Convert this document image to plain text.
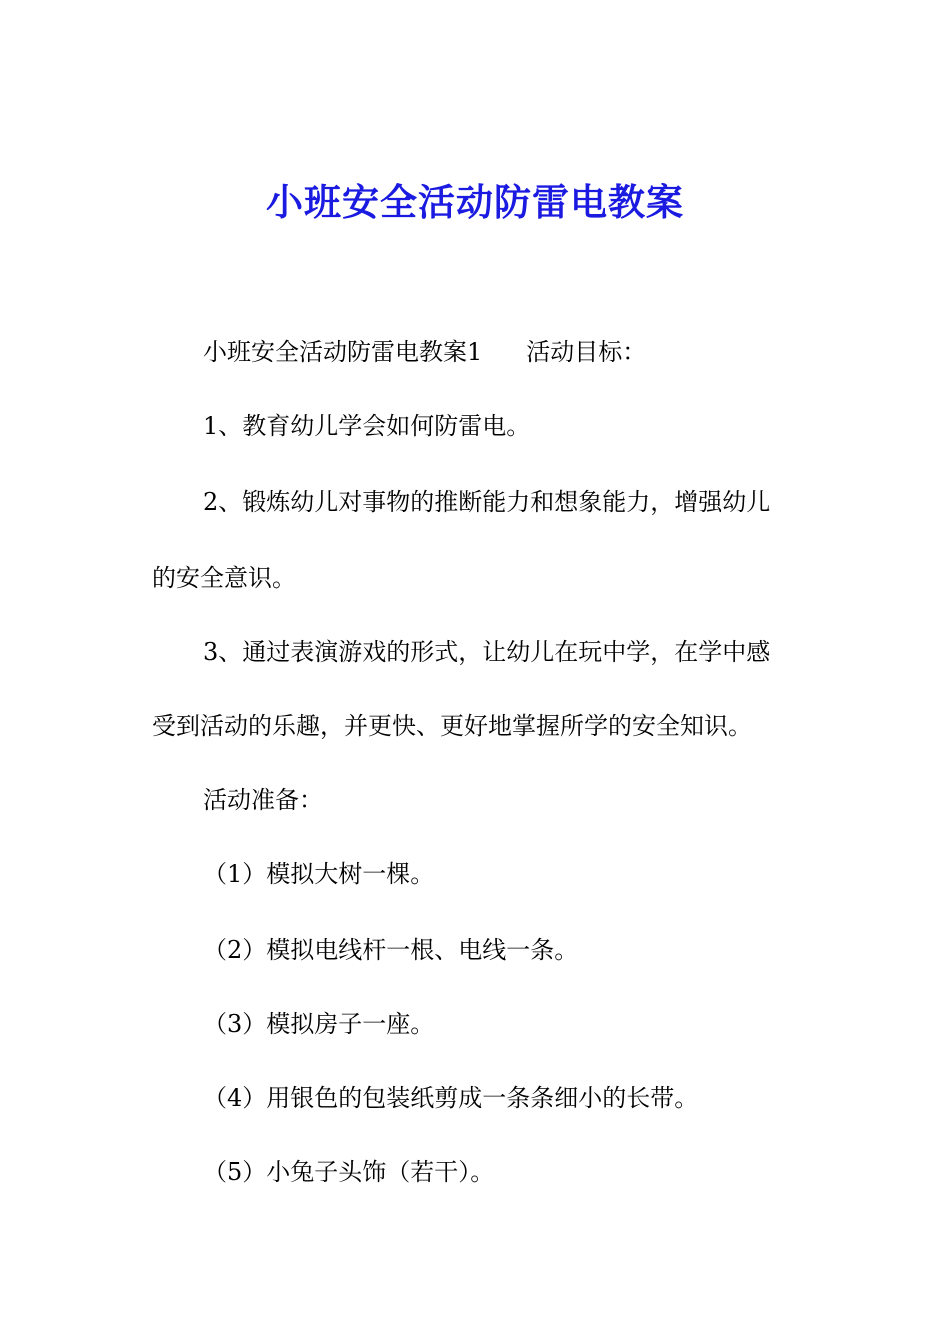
小班安全活动防雷电教案
小班安全活动防雷电教案1 活动目标：
1、教育幼儿学会如何防雷电。
2、锻炼幼儿对事物的推断能力和想象能力，增强幼儿
的安全意识。
3、通过表演游戏的形式，让幼儿在玩中学，在学中感
受到活动的乐趣，并更快、更好地掌握所学的安全知识。
活动准备：
（1）模拟大树一棵。
（2）模拟电线杆一根、电线一条。
（3）模拟房子一座。
（4）用银色的包装纸剪成一条条细小的长带。
（5）小兔子头饰（若干）。
